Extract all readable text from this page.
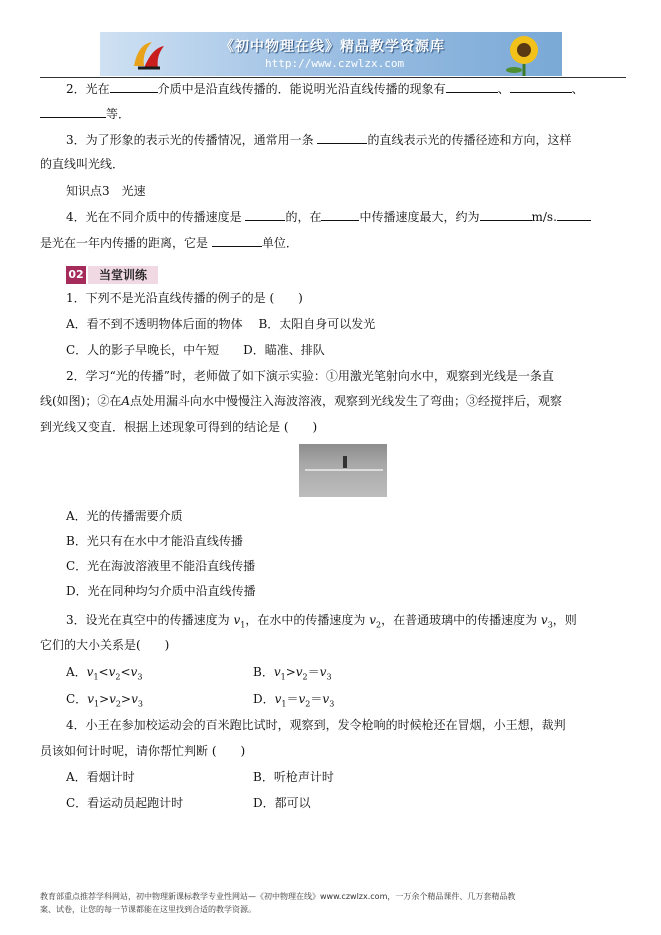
《初中物理在线》精品教学资源库
http://www.czwlzx.com
2．光在	介质中是沿直线传播的．能说明光沿直线传播的现象有	、	、
等．
3．为了形象的表示光的传播情况，通常用一条	的直线表示光的传播径迹和方向，这样
的直线叫光线．
知识点3　光速
4．光在不同介质中的传播速度是	的，在	中传播速度最大，约为	m/s.
是光在一年内传播的距离，它是	单位．
02	当堂训练
1．下列不是光沿直线传播的例子的是 (　　)
A．看不到不透明物体后面的物体　 B．太阳自身可以发光
C．人的影子早晚长，中午短　　D．瞄准、排队
2．学习“光的传播”时，老师做了如下演示实验：①用激光笔射向水中，观察到光线是一条直
线(如图)；②在A点处用漏斗向水中慢慢注入海波溶液，观察到光线发生了弯曲；③经搅拌后，观察
到光线又变直．根据上述现象可得到的结论是 (　　)
A．光的传播需要介质
B．光只有在水中才能沿直线传播
C．光在海波溶液里不能沿直线传播
D．光在同种均匀介质中沿直线传播
3．设光在真空中的传播速度为 $v_1$，在水中的传播速度为 $v_2$，在普通玻璃中的传播速度为 $v_3$，则
它们的大小关系是(　　)
A．$v_1<v_2<v_3$	B．$v_1>v_2=v_3$
C．$v_1>v_2>v_3$	D．$v_1=v_2=v_3$
4．小王在参加校运动会的百米跑比试时，观察到，发令枪响的时候枪还在冒烟，小王想，裁判
员该如何计时呢，请你帮忙判断 (　　)
A．看烟计时	B．听枪声计时
C．看运动员起跑计时	D．都可以
教育部重点推荐学科网站，初中物理新课标教学专业性网站—《初中物理在线》www.czwlzx.com，一万余个精品课件、几万套精品教
案、试卷，让您的每一节课都能在这里找到合适的教学资源。
